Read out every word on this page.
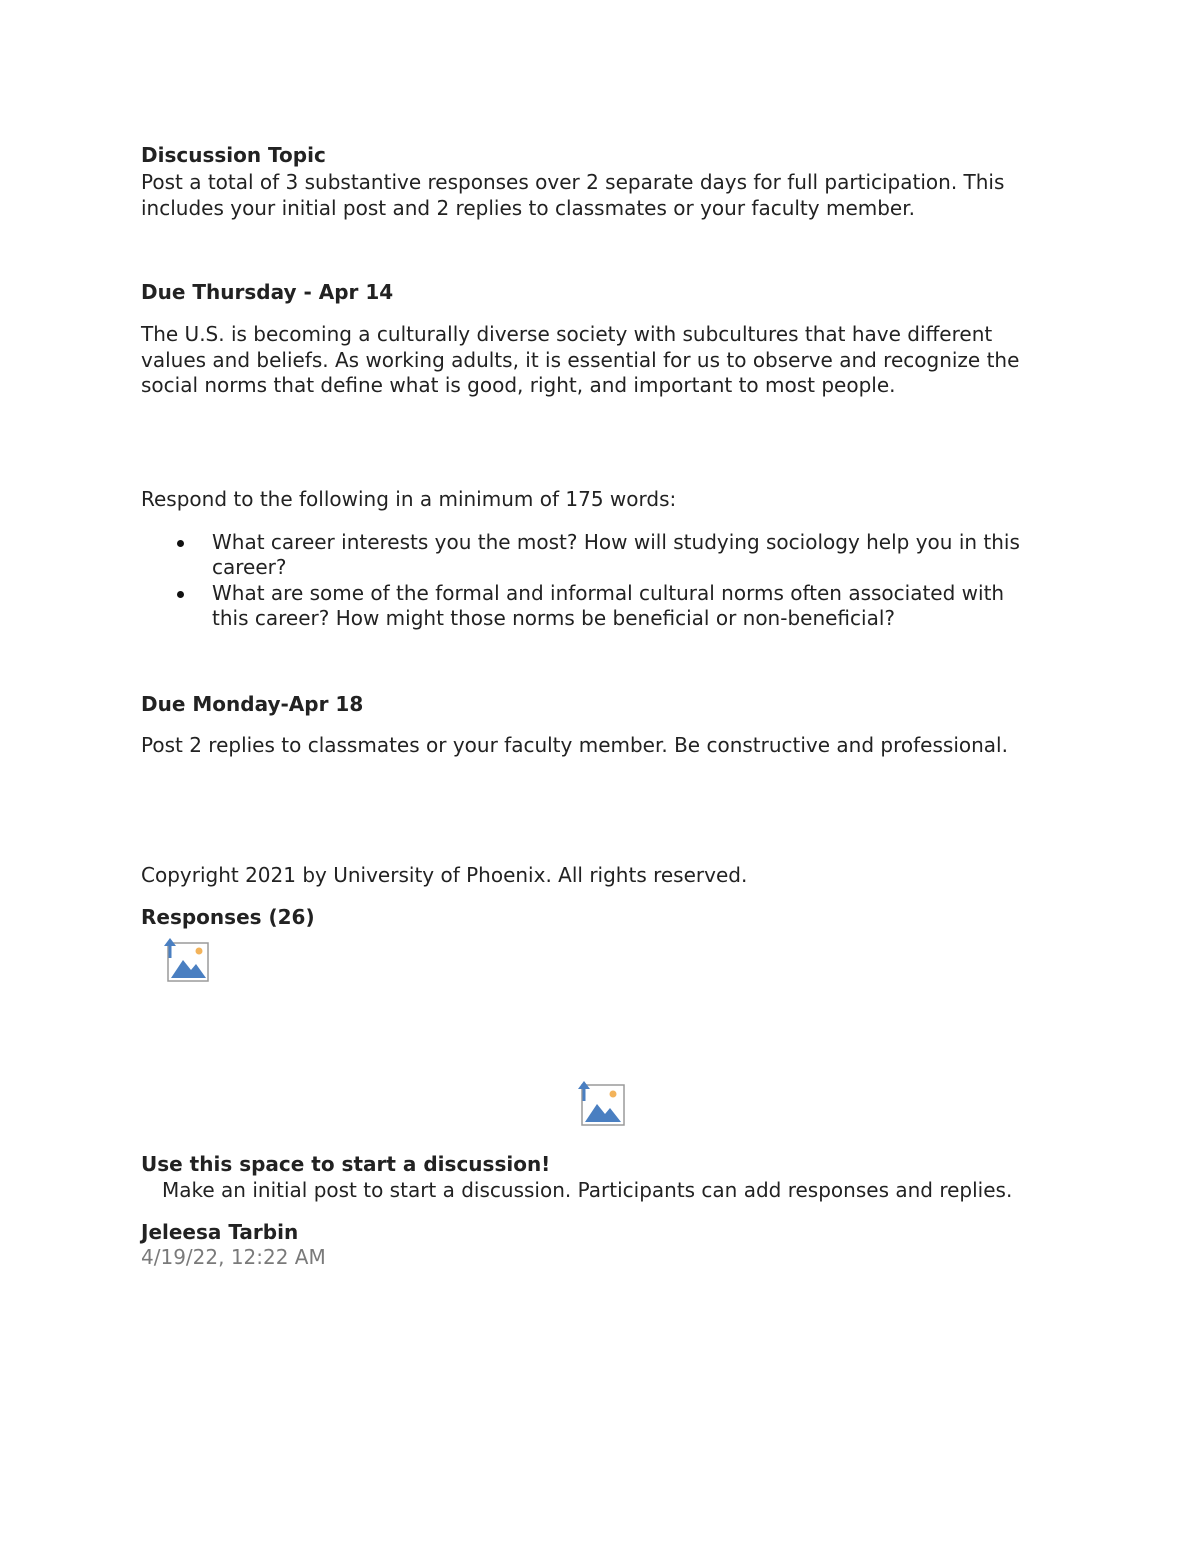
Discussion Topic
Post a total of 3 substantive responses over 2 separate days for full participation. This
includes your initial post and 2 replies to classmates or your faculty member.
Due Thursday - Apr 14
The U.S. is becoming a culturally diverse society with subcultures that have different
values and beliefs. As working adults, it is essential for us to observe and recognize the
social norms that define what is good, right, and important to most people.
Respond to the following in a minimum of 175 words:
What career interests you the most? How will studying sociology help you in this
career?
What are some of the formal and informal cultural norms often associated with
this career? How might those norms be beneficial or non-beneficial?
Due Monday-Apr 18
Post 2 replies to classmates or your faculty member. Be constructive and professional.
Copyright 2021 by University of Phoenix. All rights reserved.
Responses (26)
Use this space to start a discussion!
Make an initial post to start a discussion. Participants can add responses and replies.
Jeleesa Tarbin
4/19/22, 12:22 AM
